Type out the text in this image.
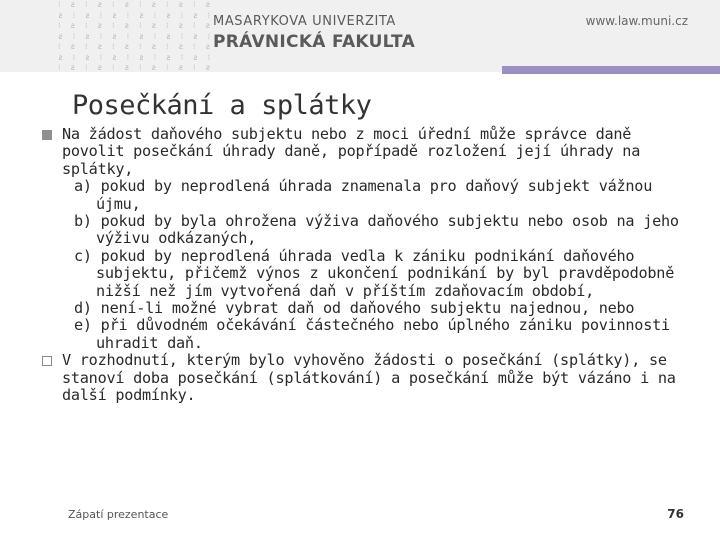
⁝ ƨ ⁝ ƨ ⁝ ƨ ⁝ ƨ ⁝ ƨ
ƨ ⁝ ƨ ⁝ ƨ ⁝ ƨ ⁝ ƨ ⁝
⁝ ƨ ⁝ ƨ ⁝ ƨ ⁝ ƨ ⁝ ƨ
ƨ ⁝ ƨ ⁝ ƨ ⁝ ƨ ⁝ ƨ ⁝
⁝ ƨ ⁝ ƨ ⁝ ƨ ⁝ ƨ ⁝ ƨ
ƨ ⁝ ƨ ⁝ ƨ ⁝ ƨ ⁝ ƨ ⁝
⁝ ƨ ⁝ ƨ ⁝ ƨ ⁝ ƨ ⁝ ƨ
MASARYKOVA UNIVERZITA
PRÁVNICKÁ FAKULTA
www.law.muni.cz
Posečkání a splátky
Na žádost daňového subjektu nebo z moci úřední může správce daně povolit posečkání úhrady daně, popřípadě rozložení její úhrady na splátky,
a) pokud by neprodlená úhrada znamenala pro daňový subjekt vážnou újmu,
b) pokud by byla ohrožena výživa daňového subjektu nebo osob na jeho výživu odkázaných,
c) pokud by neprodlená úhrada vedla k zániku podnikání daňového subjektu, přičemž výnos z ukončení podnikání by byl pravděpodobně nižší než jím vytvořená daň v příštím zdaňovacím období,
d) není-li možné vybrat daň od daňového subjektu najednou, nebo
e) při důvodném očekávání částečného nebo úplného zániku povinnosti uhradit daň.
V rozhodnutí, kterým bylo vyhověno žádosti o posečkání (splátky), se stanoví doba posečkání (splátkování) a posečkání může být vázáno i na další podmínky.
Zápatí prezentace	76
